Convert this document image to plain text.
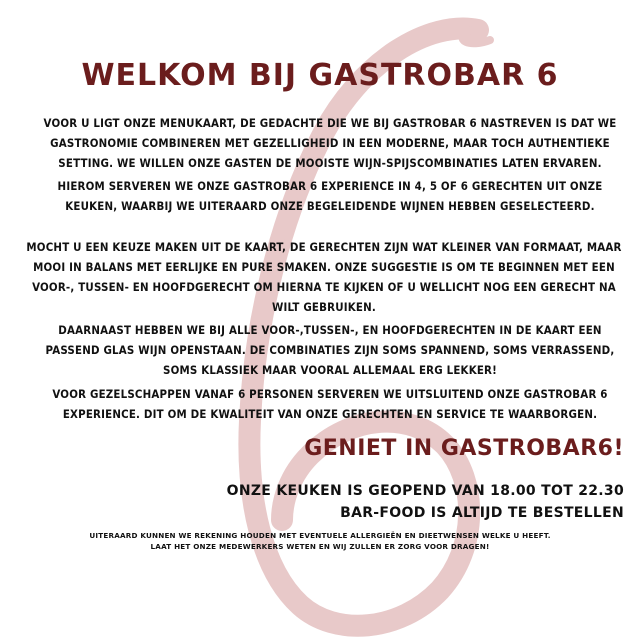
WELKOM BIJ GASTROBAR 6

VOOR U LIGT ONZE MENUKAART, DE GEDACHTE DIE WE BIJ GASTROBAR 6 NASTREVEN IS DAT WE GASTRONOMIE COMBINEREN MET GEZELLIGHEID IN EEN MODERNE, MAAR TOCH AUTHENTIEKE SETTING. WE WILLEN ONZE GASTEN DE MOOISTE WIJN-SPIJSCOMBINATIES LATEN ERVAREN.

HIEROM SERVEREN WE ONZE GASTROBAR 6 EXPERIENCE IN 4, 5 OF 6 GERECHTEN UIT ONZE KEUKEN, WAARBIJ WE UITERAARD ONZE BEGELEIDENDE WIJNEN HEBBEN GESELECTEERD.

MOCHT U EEN KEUZE MAKEN UIT DE KAART, DE GERECHTEN ZIJN WAT KLEINER VAN FORMAAT, MAAR MOOI IN BALANS MET EERLIJKE EN PURE SMAKEN. ONZE SUGGESTIE IS OM TE BEGINNEN MET EEN VOOR-, TUSSEN- EN HOOFDGERECHT OM HIERNA TE KIJKEN OF U WELLICHT NOG EEN GERECHT NA WILT GEBRUIKEN.

DAARNAAST HEBBEN WE BIJ ALLE VOOR-,TUSSEN-, EN HOOFDGERECHTEN IN DE KAART EEN PASSEND GLAS WIJN OPENSTAAN. DE COMBINATIES ZIJN SOMS SPANNEND, SOMS VERRASSEND, SOMS KLASSIEK MAAR VOORAL ALLEMAAL ERG LEKKER!

VOOR GEZELSCHAPPEN VANAF 6 PERSONEN SERVEREN WE UITSLUITEND ONZE GASTROBAR 6 EXPERIENCE. DIT OM DE KWALITEIT VAN ONZE GERECHTEN EN SERVICE TE WAARBORGEN.

GENIET IN GASTROBAR6!

ONZE KEUKEN IS GEOPEND VAN 18.00 TOT 22.30
BAR-FOOD IS ALTIJD TE BESTELLEN

UITERAARD KUNNEN WE REKENING HOUDEN MET EVENTUELE ALLERGIEËN EN DIEETWENSEN WELKE U HEEFT.
LAAT HET ONZE MEDEWERKERS WETEN EN WIJ ZULLEN ER ZORG VOOR DRAGEN!
